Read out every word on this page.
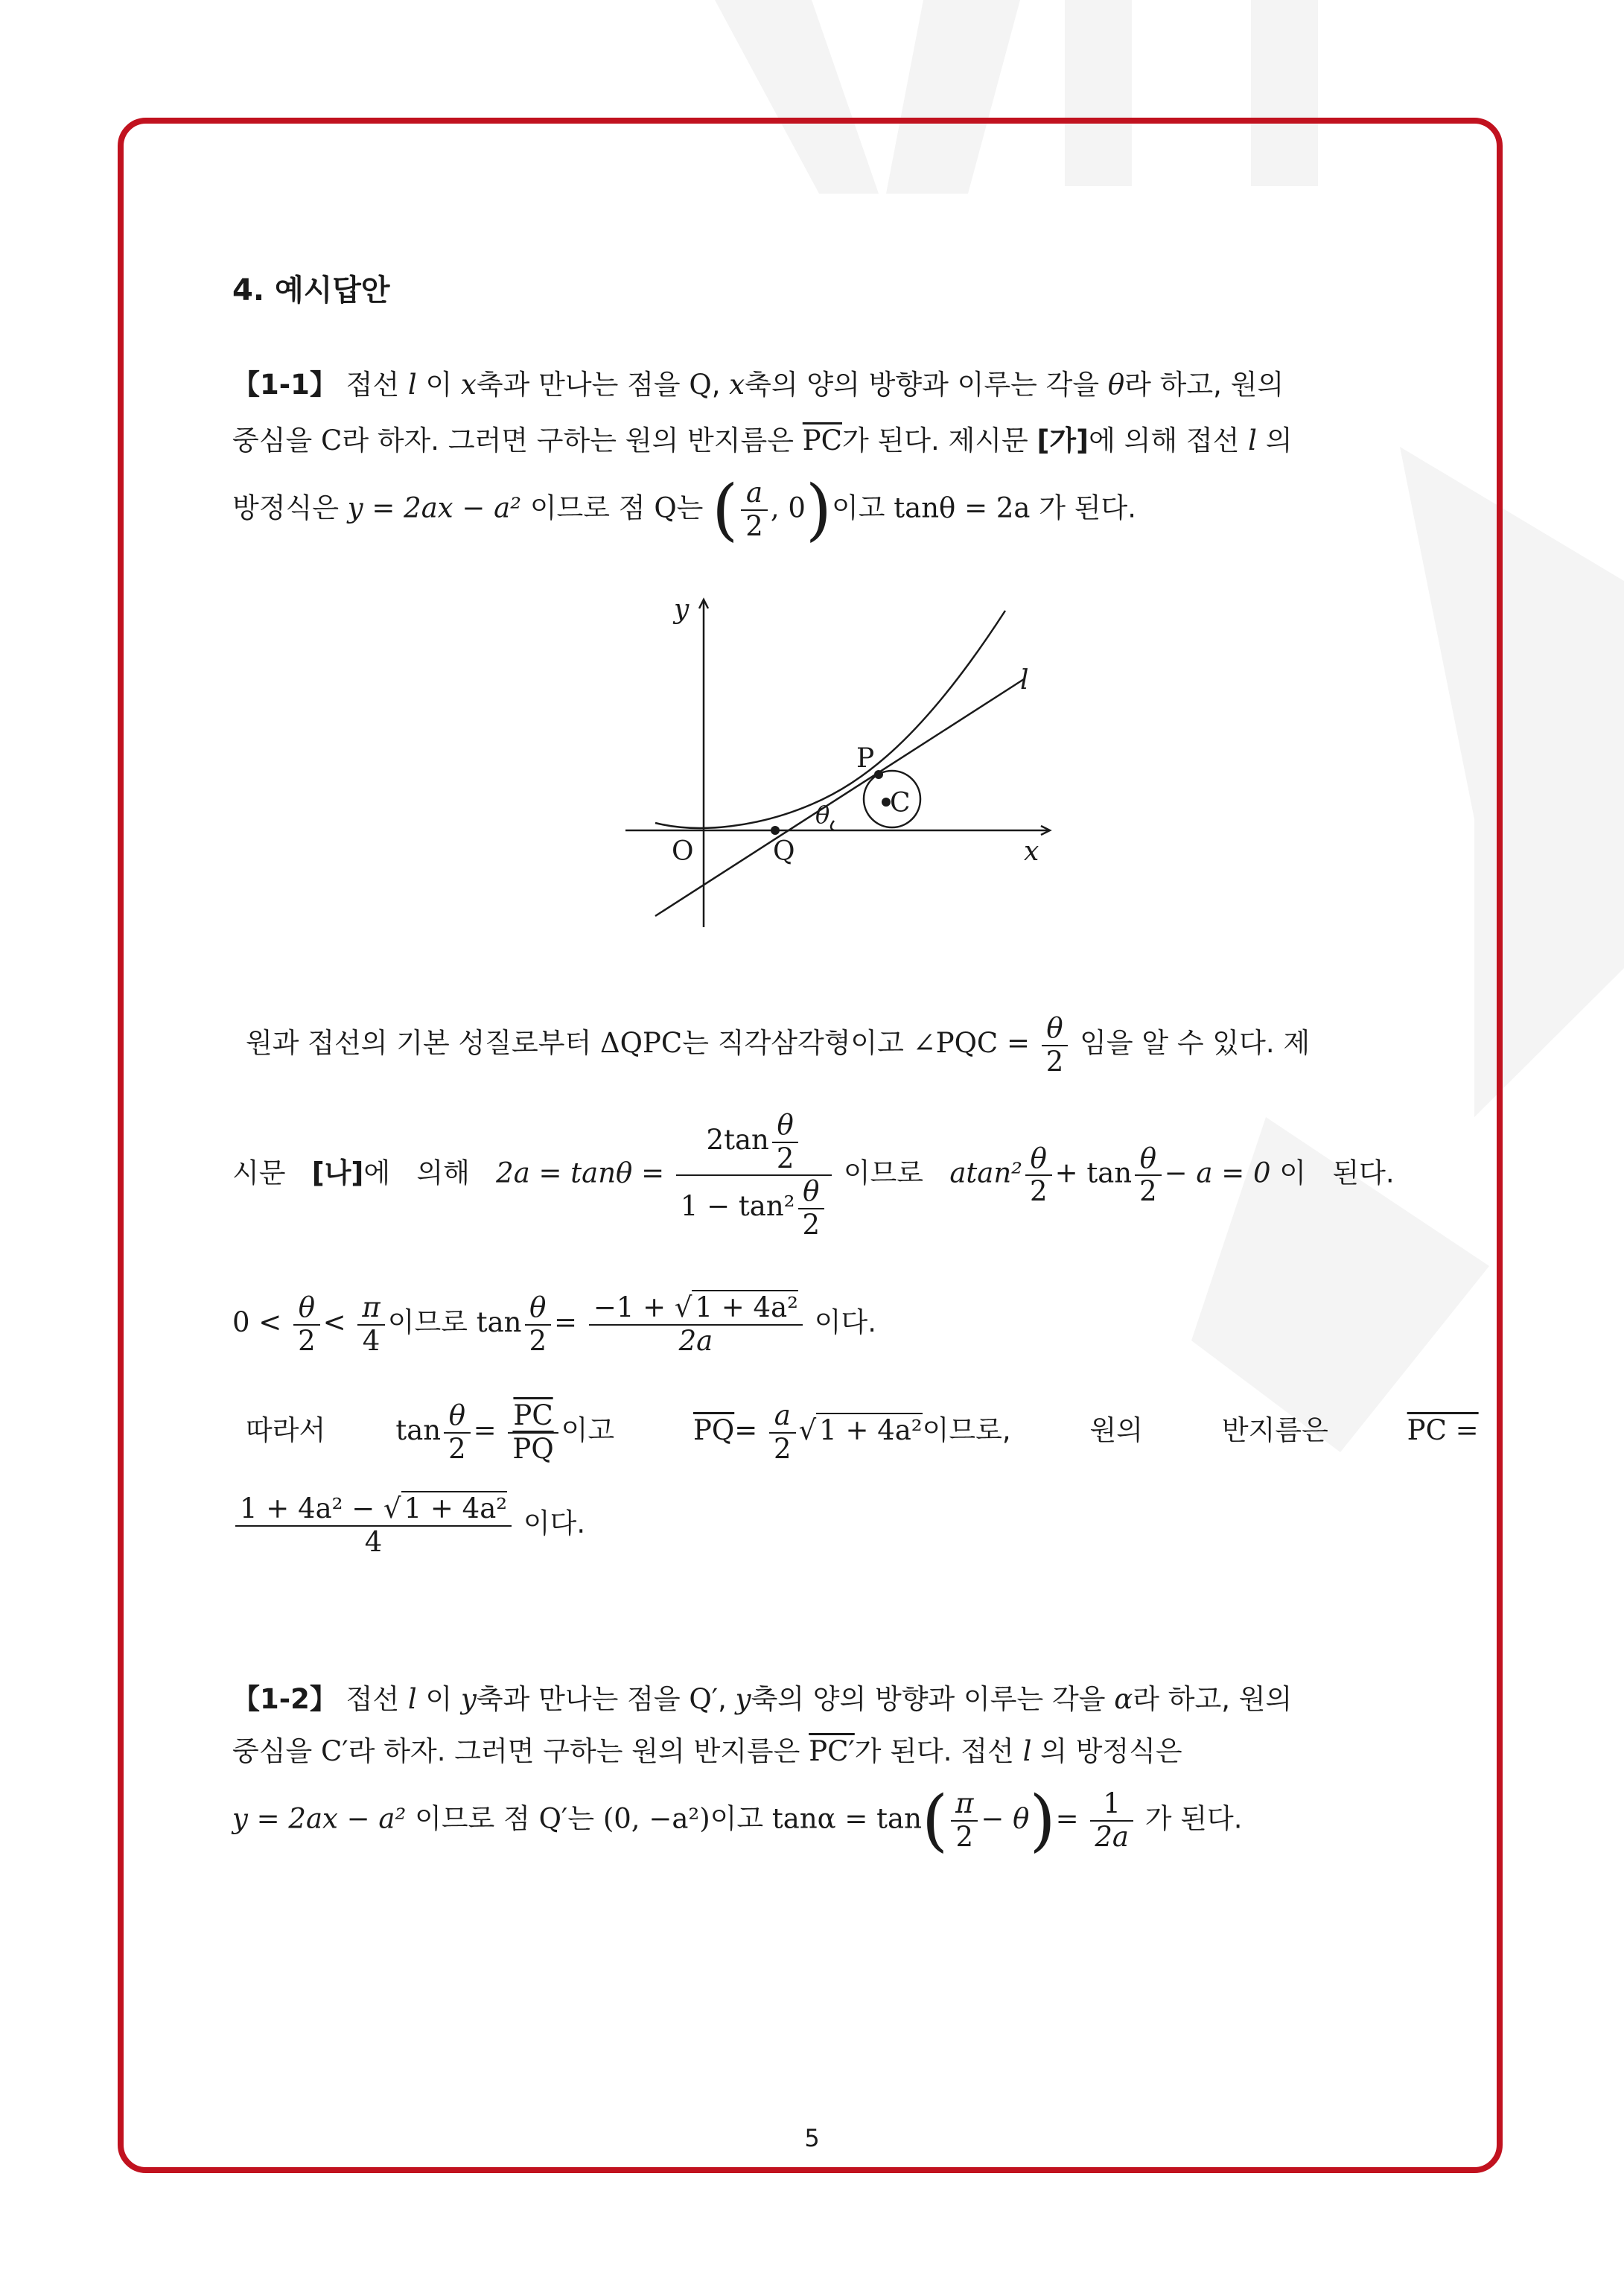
4. 예시답안
【1-1】 접선 l 이 x축과 만나는 점을 Q, x축의 양의 방향과 이루는 각을 θ라 하고, 원의
중심을 C라 하자. 그러면 구하는 원의 반지름은 $\overline{PC}$가 된다. 제시문 [가]에 의해 접선 l 의
방정식은 y = 2ax − a² 이므로 점 Q는 ( $\frac{a}{2}$ , 0)이고 tanθ = 2a 가 된다.
y
x
O	Q
P
C
θ
l
원과 접선의 기본 성질로부터 ΔQPC는 직각삼각형이고 ∠PQC = $\frac{\theta}{2}$ 임을 알 수 있다. 제
시문 [나]에 의해 $2a = \tan\theta = \frac{2\tan \frac{\theta}{2}}{1 - \tan^2 \frac{\theta}{2}}$ 이므로 $atan^2 \frac{\theta}{2} + \tan \frac{\theta}{2} - a = 0$ 이 된다.
$0 < \frac{\theta}{2} < \frac{\pi}{4}$ 이므로 $\tan \frac{\theta}{2} = \frac{\text{−1 + √ 1 + 4a²}}{2a}$ 이다.
따라서	$\tan \frac{\theta}{2} = \frac{\overline{PC}}{PQ}$ 이고	$\overline{PQ}= \frac{a}{2}$ √ 1 + 4a²이므로,	원의	반지름은	PC =
$\frac{\text{1 + 4a² − √ 1 + 4a²}}{4}$ 이다.
【1-2】 접선 l 이 y축과 만나는 점을 Q′, y축의 양의 방향과 이루는 각을 α라 하고, 원의
중심을 C′라 하자. 그러면 구하는 원의 반지름은 PC′가 된다. 접선 l 의 방정식은
y = 2ax − a² 이므로 점 Q′는 (0, −a²)이고 $\tan\alpha = \tan( \frac{\pi}{2} - \theta)= \frac{1}{2a}$ 가 된다.
5
